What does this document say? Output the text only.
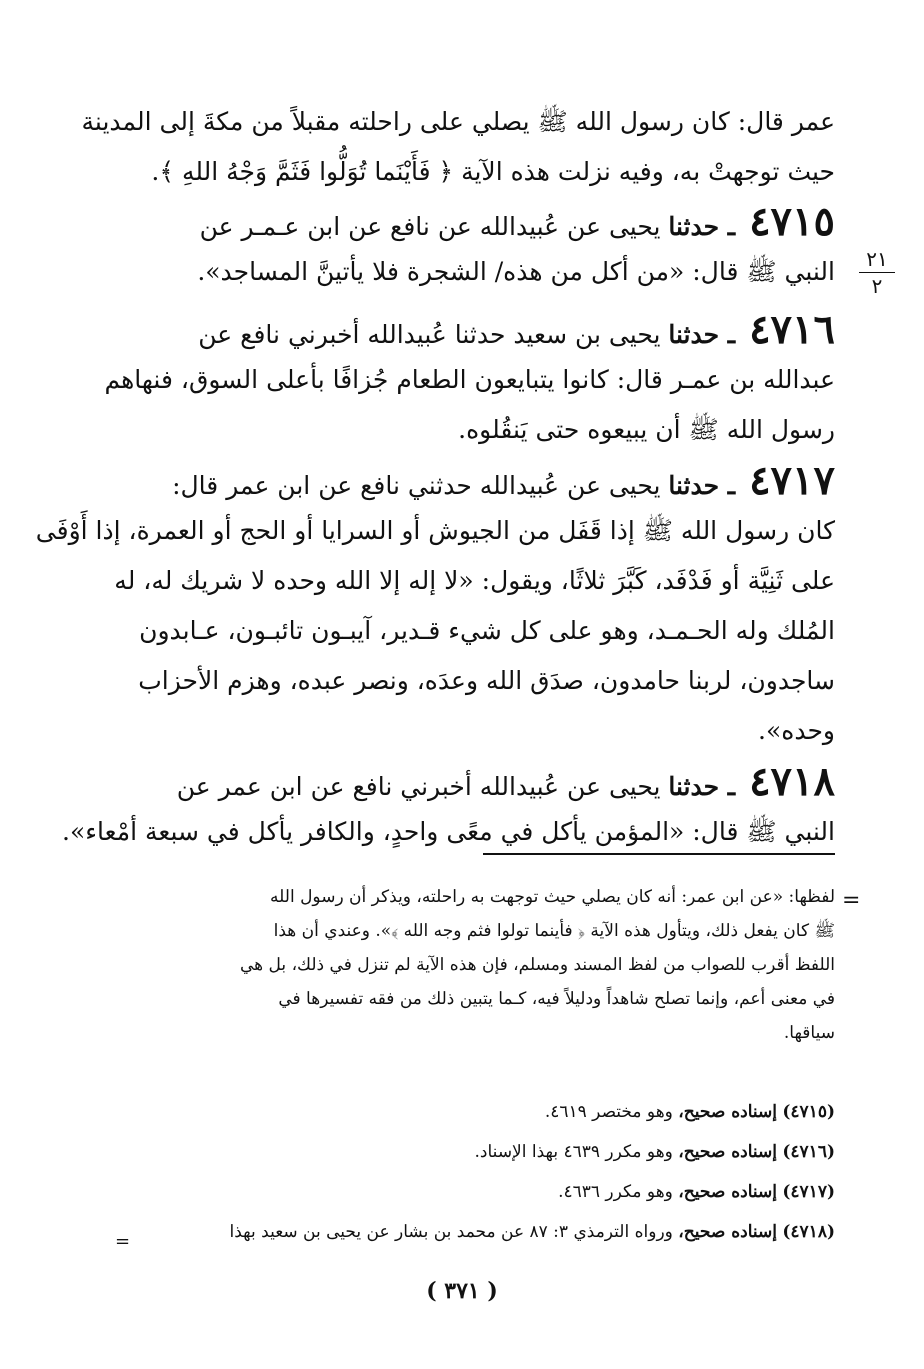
عمر قال: كان رسول الله ﷺ يصلي على راحلته مقبلاً من مكةَ إلى المدينة
حيث توجهتْ به، وفيه نزلت هذه الآية ﴿ فَأَيْنَما تُوَلُّوا فَثَمَّ وَجْهُ اللهِ ﴾.
٤٧١٥ ـ حدثنا يحيى عن عُبيدالله عن نافع عن ابن عـمـر عن
النبي ﷺ قال: «من أكل من هذه/ الشجرة فلا يأتينَّ المساجد».
٤٧١٦ ـ حدثنا يحيى بن سعيد حدثنا عُبيدالله أخبرني نافع عن
عبدالله بن عمـر قال: كانوا يتبايعون الطعام جُزافًا بأعلى السوق، فنهاهم
رسول الله ﷺ أن يبيعوه حتى يَنقُلوه.
٤٧١٧ ـ حدثنا يحيى عن عُبيدالله حدثني نافع عن ابن عمر قال:
كان رسول الله ﷺ إذا قَفَل من الجيوش أو السرايا أو الحج أو العمرة، إذا أَوْفَى
على ثَنِيَّة أو فَدْفَد، كَبَّرَ ثلاثًا، ويقول: «لا إله إلا الله وحده لا شريك له، له
المُلك وله الحـمـد، وهو على كل شيء قـدير، آيبـون تائبـون، عـابدون
ساجدون، لربنا حامدون، صدَق الله وعدَه، ونصر عبده، وهزم الأحزاب
وحده».
٤٧١٨ ـ حدثنا يحيى عن عُبيدالله أخبرني نافع عن ابن عمر عن
النبي ﷺ قال: «المؤمن يأكل في معًى واحدٍ، والكافر يأكل في سبعة أمْعاء».
٢١
٢
=
لفظها: «عن ابن عمر: أنه كان يصلي حيث توجهت به راحلته، ويذكر أن رسول الله
ﷺ كان يفعل ذلك، ويتأول هذه الآية ﴿ فأينما تولوا فثم وجه الله ﴾». وعندي أن هذا
اللفظ أقرب للصواب من لفظ المسند ومسلم، فإن هذه الآية لم تنزل في ذلك، بل هي
في معنى أعم، وإنما تصلح شاهداً ودليلاً فيه، كـما يتبين ذلك من فقه تفسيرها في
سياقها.
(٤٧١٥) إسناده صحيح، وهو مختصر ٤٦١٩.
(٤٧١٦) إسناده صحيح، وهو مكرر ٤٦٣٩ بهذا الإسناد.
(٤٧١٧) إسناده صحيح، وهو مكرر ٤٦٣٦.
(٤٧١٨) إسناده صحيح، ورواه الترمذي ٣: ٨٧ عن محمد بن بشار عن يحيى بن سعيد بهذا
=
( ٣٧١ )
